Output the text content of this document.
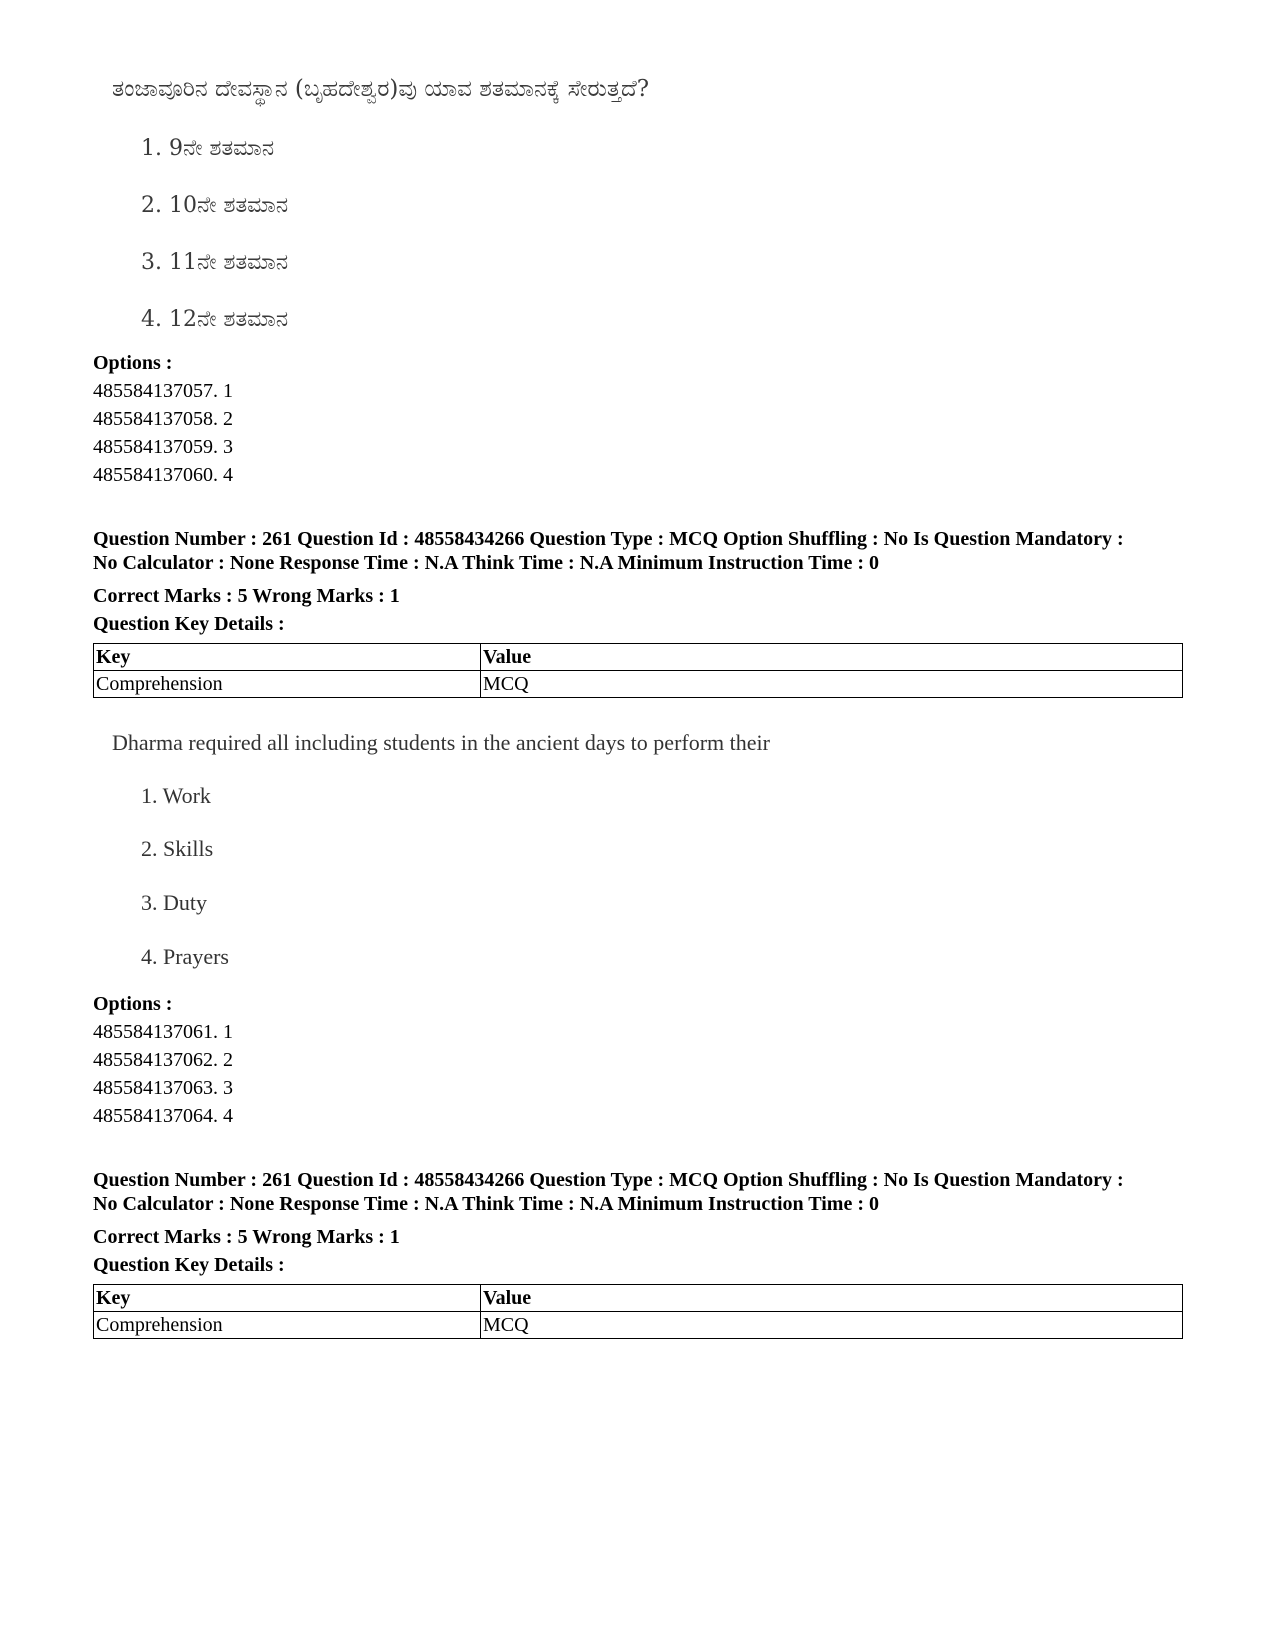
ತಂಜಾವೂರಿನ ದೇವಸ್ಥಾನ (ಬೃಹದೇಶ್ವರ)ವು ಯಾವ ಶತಮಾನಕ್ಕೆ ಸೇರುತ್ತದೆ?
1. 9ನೇ ಶತಮಾನ
2. 10ನೇ ಶತಮಾನ
3. 11ನೇ ಶತಮಾನ
4. 12ನೇ ಶತಮಾನ
Options :
485584137057. 1
485584137058. 2
485584137059. 3
485584137060. 4
Question Number : 261 Question Id : 48558434266 Question Type : MCQ Option Shuffling : No Is Question Mandatory :
No Calculator : None Response Time : N.A Think Time : N.A Minimum Instruction Time : 0
Correct Marks : 5 Wrong Marks : 1
Question Key Details :
Key	Value
Comprehension	MCQ
Dharma required all including students in the ancient days to perform their
1. Work
2. Skills
3. Duty
4. Prayers
Options :
485584137061. 1
485584137062. 2
485584137063. 3
485584137064. 4
Question Number : 261 Question Id : 48558434266 Question Type : MCQ Option Shuffling : No Is Question Mandatory :
No Calculator : None Response Time : N.A Think Time : N.A Minimum Instruction Time : 0
Correct Marks : 5 Wrong Marks : 1
Question Key Details :
Key	Value
Comprehension	MCQ
